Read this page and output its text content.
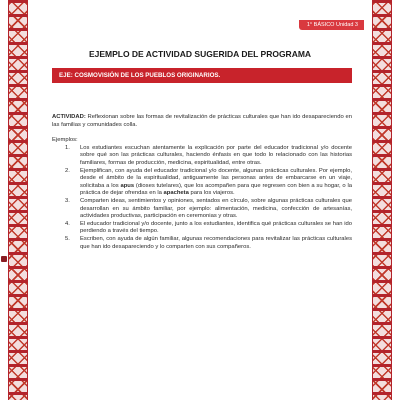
1° BÁSICO Unidad 3
EJEMPLO DE ACTIVIDAD SUGERIDA DEL PROGRAMA
EJE: COSMOVISIÓN DE LOS PUEBLOS ORIGINARIOS.

ACTIVIDAD: Reflexionan sobre las formas de revitalización de prácticas culturales que han ido desapareciendo en las familias y comunidades colla.

Ejemplos:

1. Los estudiantes escuchan atentamente la explicación por parte del educador tradicional y/o docente sobre qué son las prácticas culturales, haciendo énfasis en que todo lo relacionado con las historias familiares, formas de producción, medicina, espiritualidad, entre otras.
2. Ejemplifican, con ayuda del educador tradicional y/o docente, algunas prácticas culturales. Por ejemplo, desde el ámbito de la espiritualidad, antiguamente las personas antes de embarcarse en un viaje, solicitaba a los apus (dioses tutelares), que los acompañen para que regresen con bien a su hogar, o la práctica de dejar ofrendas en la apacheta para los viajeros.
3. Comparten ideas, sentimientos y opiniones, sentados en círculo, sobre algunas prácticas culturales que desarrollan en su ámbito familiar, por ejemplo: alimentación, medicina, confección de artesanías, actividades productivas, participación en ceremonias y otras.
4. El educador tradicional y/o docente, junto a los estudiantes, identifica qué prácticas culturales se han ido perdiendo a través del tiempo.
5. Escriben, con ayuda de algún familiar, algunas recomendaciones para revitalizar las prácticas culturales que han ido desapareciendo y lo comparten con sus compañeros.
